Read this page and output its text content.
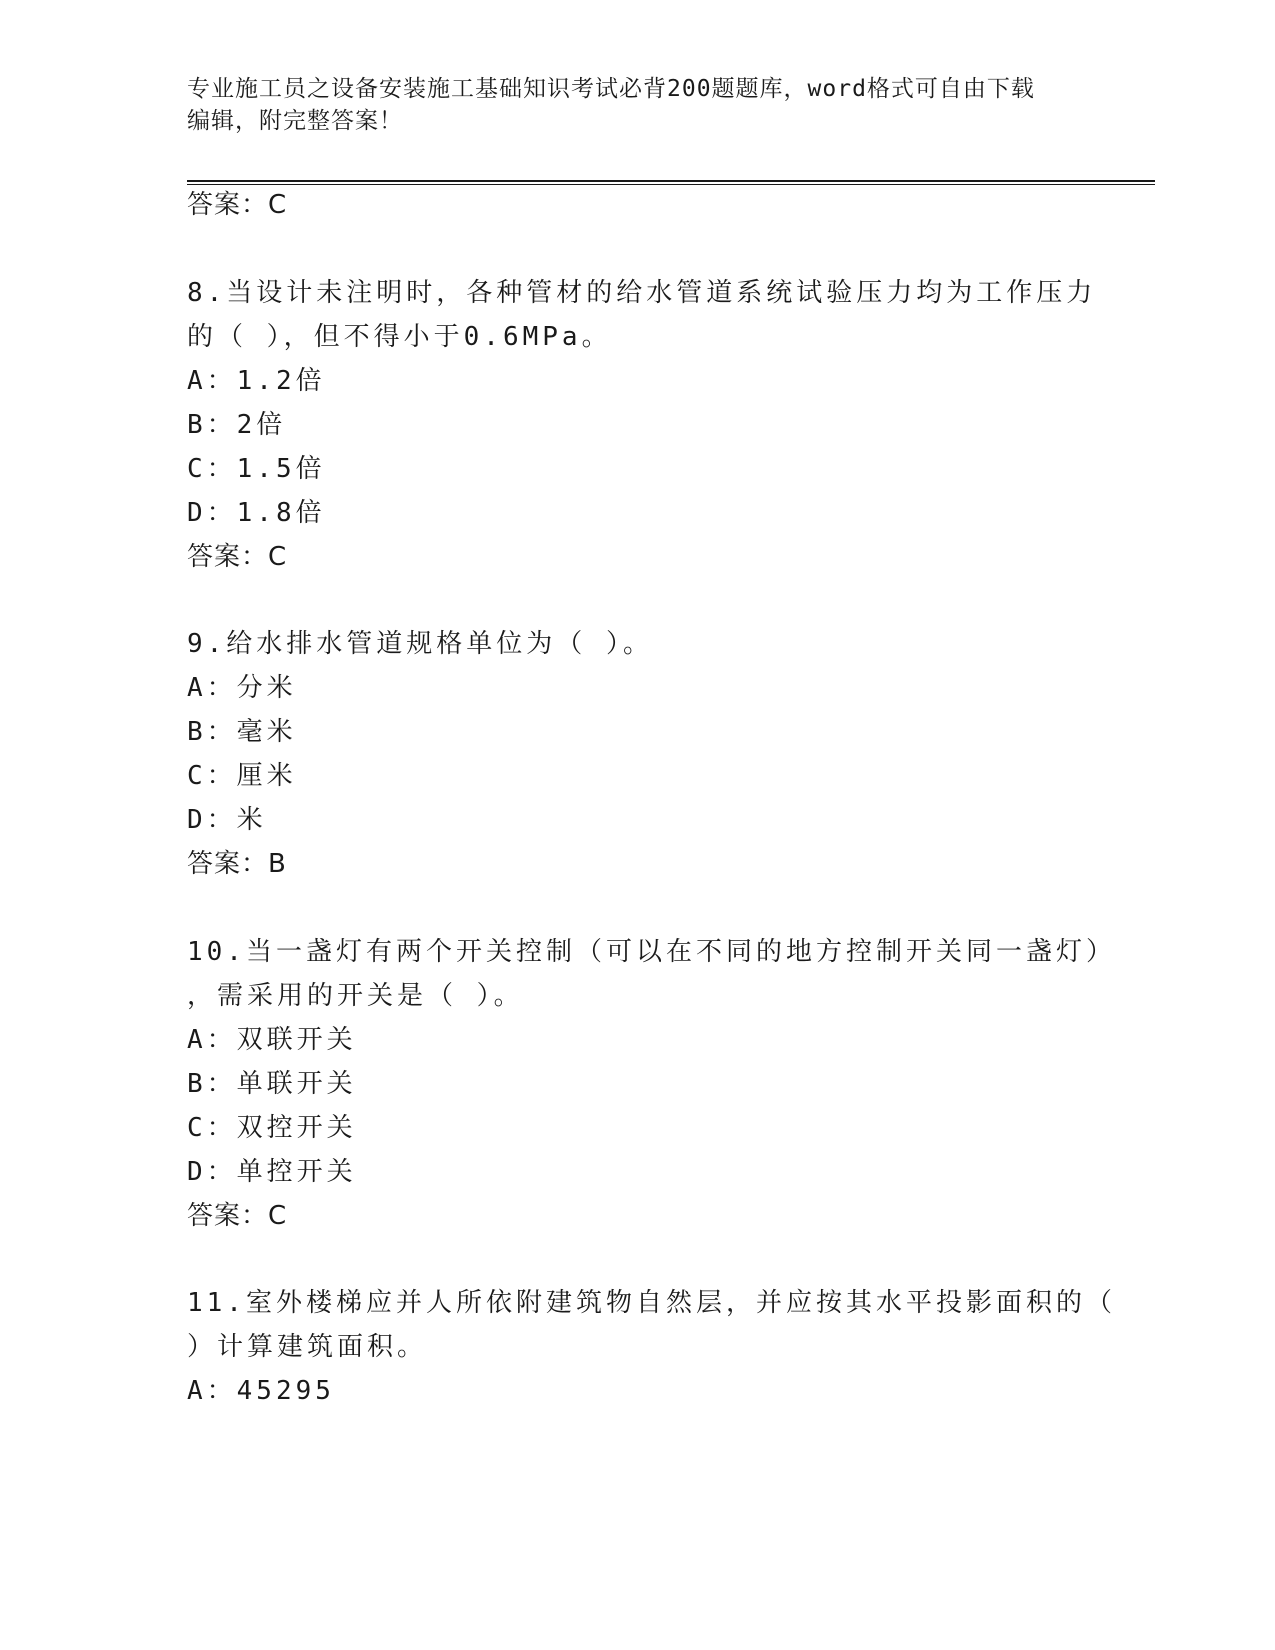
专业施工员之设备安装施工基础知识考试必背200题题库，word格式可自由下载
编辑，附完整答案！
答案：C
8.当设计未注明时，各种管材的给水管道系统试验压力均为工作压力
的（ ），但不得小于0.6MPa。
A：1.2倍
B：2倍
C：1.5倍
D：1.8倍
答案：C
9.给水排水管道规格单位为（ ）。
A：分米
B：毫米
C：厘米
D：米
答案：B
10.当一盏灯有两个开关控制（可以在不同的地方控制开关同一盏灯）
，需采用的开关是（ ）。
A：双联开关
B：单联开关
C：双控开关
D：单控开关
答案：C
11.室外楼梯应并人所依附建筑物自然层，并应按其水平投影面积的（
）计算建筑面积。
A：45295
